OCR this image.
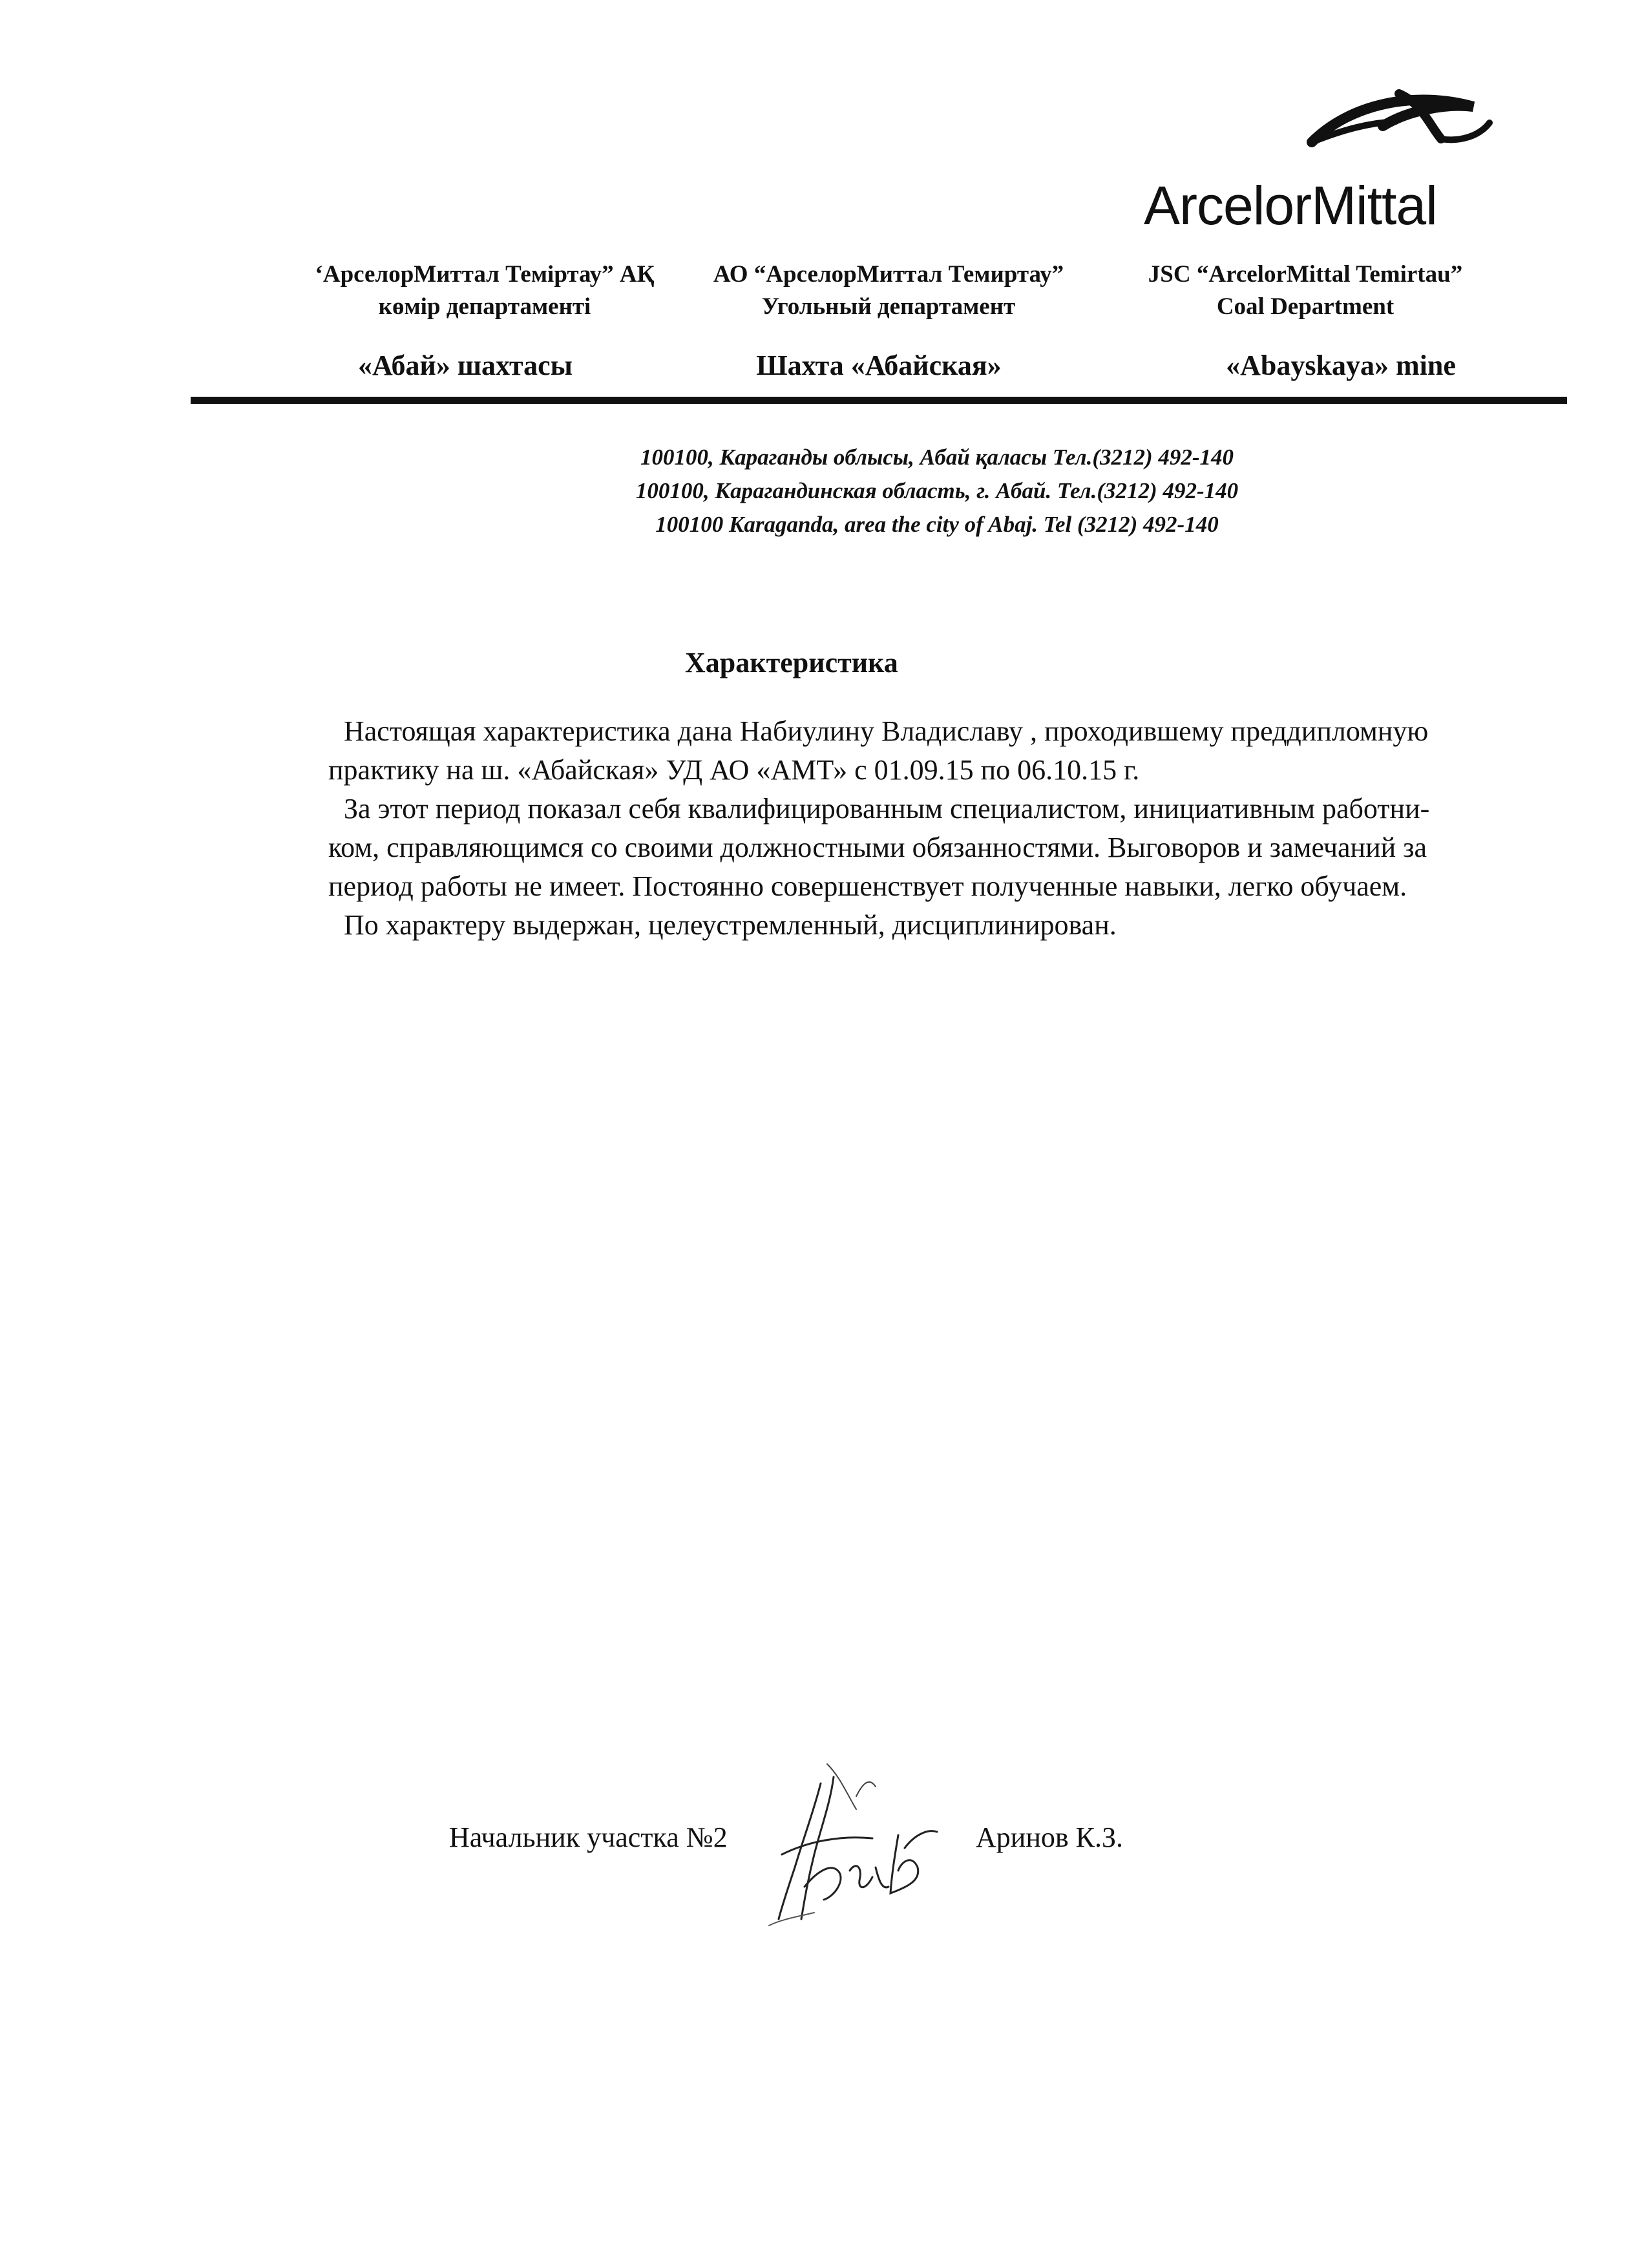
ArcelorMittal
‘АрселорМиттал Теміртау” АҚ
көмір департаменті
АО “АрселорМиттал Темиртау”
Угольный департамент
JSC “ArcelorMittal Temirtau”
Coal Department
«Абай» шахтасы	Шахта «Абайская»	«Abayskaya» mine
100100, Караганды облысы, Абай қаласы Тел.(3212) 492-140
100100, Карагандинская область, г. Абай. Тел.(3212) 492-140
100100 Karaganda, area the city of Abaj. Tel (3212) 492-140
Характеристика
Настоящая характеристика дана Набиулину Владиславу , проходившему преддипломную
практику на ш. «Абайская» УД АО «АМТ» с 01.09.15 по 06.10.15 г.
За этот период показал себя квалифицированным специалистом, инициативным работни-
ком, справляющимся со своими должностными обязанностями. Выговоров и замечаний за
период работы не имеет. Постоянно совершенствует полученные навыки, легко обучаем.
По характеру выдержан, целеустремленный, дисциплинирован.
Начальник участка №2	Аринов К.З.
